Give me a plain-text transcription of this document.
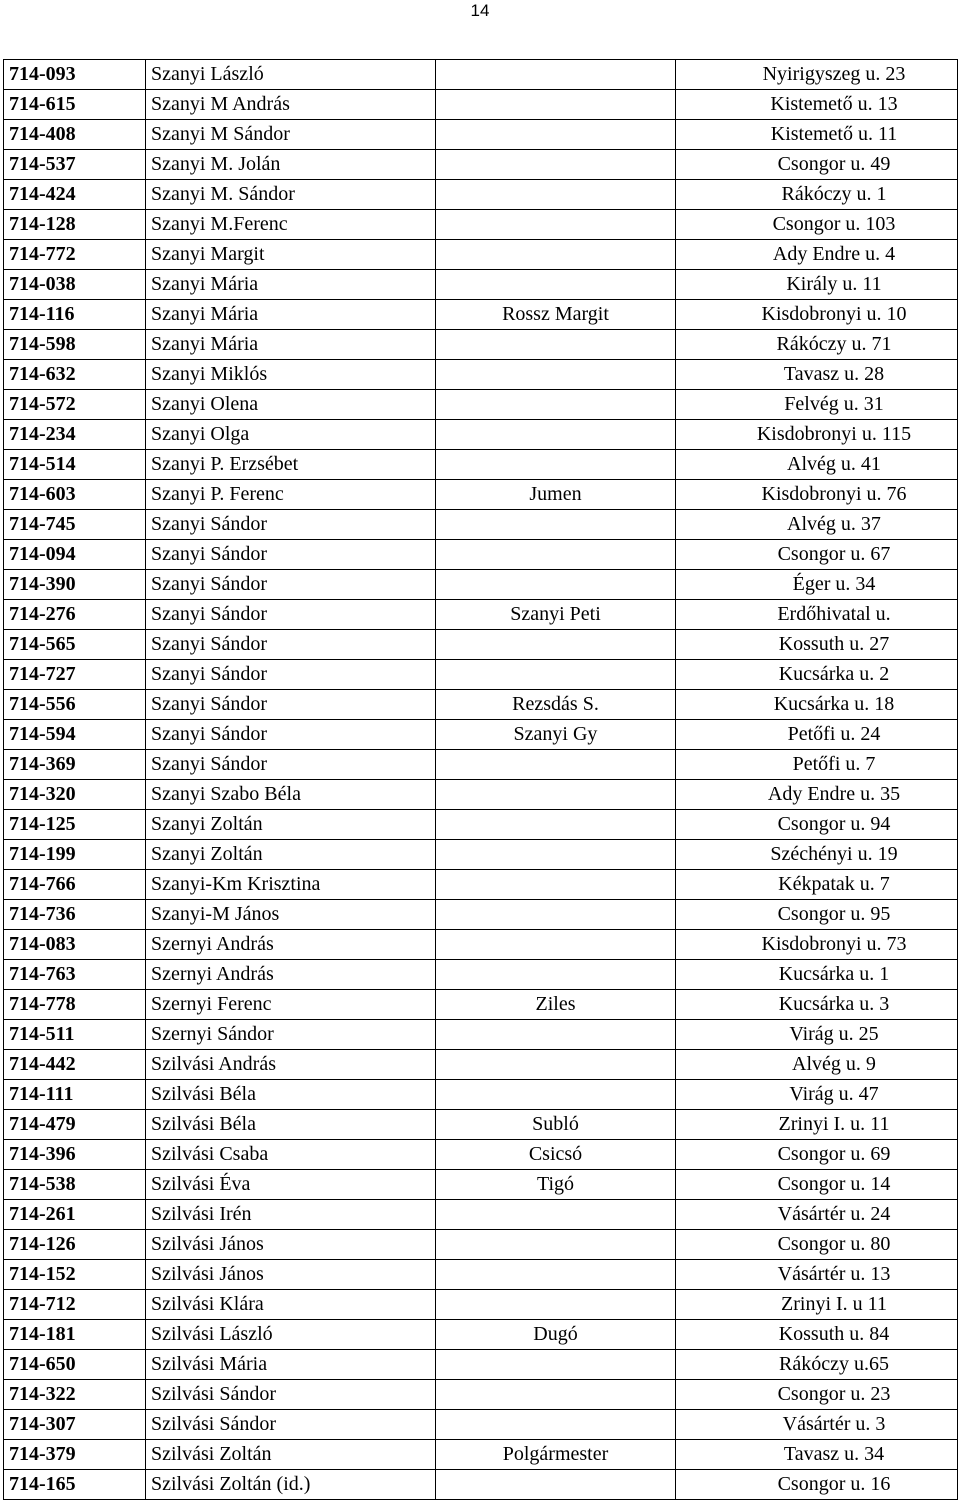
14
714-093	Szanyi László		Nyirigyszeg u. 23
714-615	Szanyi M András		Kistemető u. 13
714-408	Szanyi M Sándor		Kistemető u. 11
714-537	Szanyi M. Jolán		Csongor u. 49
714-424	Szanyi M. Sándor		Rákóczy u. 1
714-128	Szanyi M.Ferenc		Csongor u. 103
714-772	Szanyi Margit		Ady Endre u. 4
714-038	Szanyi Mária		Király u. 11
714-116	Szanyi Mária	Rossz Margit	Kisdobronyi u. 10
714-598	Szanyi Mária		Rákóczy u. 71
714-632	Szanyi Miklós		Tavasz u. 28
714-572	Szanyi Olena		Felvég u. 31
714-234	Szanyi Olga		Kisdobronyi u. 115
714-514	Szanyi P. Erzsébet		Alvég u. 41
714-603	Szanyi P. Ferenc	Jumen	Kisdobronyi u. 76
714-745	Szanyi Sándor		Alvég u. 37
714-094	Szanyi Sándor		Csongor u. 67
714-390	Szanyi Sándor		Éger u. 34
714-276	Szanyi Sándor	Szanyi Peti	Erdőhivatal u.
714-565	Szanyi Sándor		Kossuth u. 27
714-727	Szanyi Sándor		Kucsárka u. 2
714-556	Szanyi Sándor	Rezsdás S.	Kucsárka u. 18
714-594	Szanyi Sándor	Szanyi Gy	Petőfi u. 24
714-369	Szanyi Sándor		Petőfi u. 7
714-320	Szanyi Szabo Béla		Ady Endre u. 35
714-125	Szanyi Zoltán		Csongor u. 94
714-199	Szanyi Zoltán		Széchényi u. 19
714-766	Szanyi-Km Krisztina		Kékpatak u. 7
714-736	Szanyi-M János		Csongor u. 95
714-083	Szernyi András		Kisdobronyi u. 73
714-763	Szernyi András		Kucsárka u. 1
714-778	Szernyi Ferenc	Ziles	Kucsárka u. 3
714-511	Szernyi Sándor		Virág u. 25
714-442	Szilvási András		Alvég u. 9
714-111	Szilvási Béla		Virág u. 47
714-479	Szilvási Béla	Subló	Zrinyi I. u. 11
714-396	Szilvási Csaba	Csicsó	Csongor u. 69
714-538	Szilvási Éva	Tigó	Csongor u. 14
714-261	Szilvási Irén		Vásártér u. 24
714-126	Szilvási János		Csongor u. 80
714-152	Szilvási János		Vásártér u. 13
714-712	Szilvási Klára		Zrinyi I. u 11
714-181	Szilvási László	Dugó	Kossuth u. 84
714-650	Szilvási Mária		Rákóczy u.65
714-322	Szilvási Sándor		Csongor u. 23
714-307	Szilvási Sándor		Vásártér u. 3
714-379	Szilvási Zoltán	Polgármester	Tavasz u. 34
714-165	Szilvási Zoltán (id.)		Csongor u. 16
